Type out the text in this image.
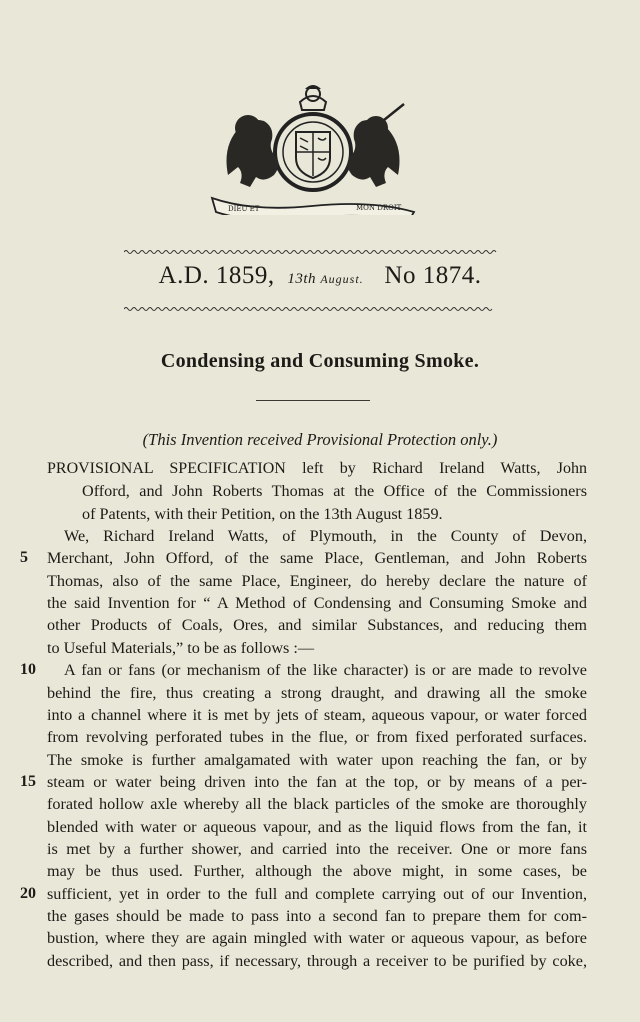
DIEU ET	MON DROIT
A.D. 1859, 13th August. No 1874.
Condensing and Consuming Smoke.
(This Invention received Provisional Protection only.)
PROVISIONAL SPECIFICATION left by Richard Ireland Watts, John
Offord, and John Roberts Thomas at the Office of the Commissioners
of Patents, with their Petition, on the 13th August 1859.
We, Richard Ireland Watts, of Plymouth, in the County of Devon,
5	Merchant, John Offord, of the same Place, Gentleman, and John Roberts
Thomas, also of the same Place, Engineer, do hereby declare the nature of
the said Invention for “ A Method of Condensing and Consuming Smoke and
other Products of Coals, Ores, and similar Substances, and reducing them
to Useful Materials,” to be as follows :—
10	A fan or fans (or mechanism of the like character) is or are made to revolve
behind the fire, thus creating a strong draught, and drawing all the smoke
into a channel where it is met by jets of steam, aqueous vapour, or water forced
from revolving perforated tubes in the flue, or from fixed perforated surfaces.
The smoke is further amalgamated with water upon reaching the fan, or by
15 steam or water being driven into the fan at the top, or by means of a per-
forated hollow axle whereby all the black particles of the smoke are thoroughly
blended with water or aqueous vapour, and as the liquid flows from the fan, it
is met by a further shower, and carried into the receiver. One or more fans
may be thus used. Further, although the above might, in some cases, be
20 sufficient, yet in order to the full and complete carrying out of our Invention,
the gases should be made to pass into a second fan to prepare them for com-
bustion, where they are again mingled with water or aqueous vapour, as before
described, and then pass, if necessary, through a receiver to be purified by coke,
